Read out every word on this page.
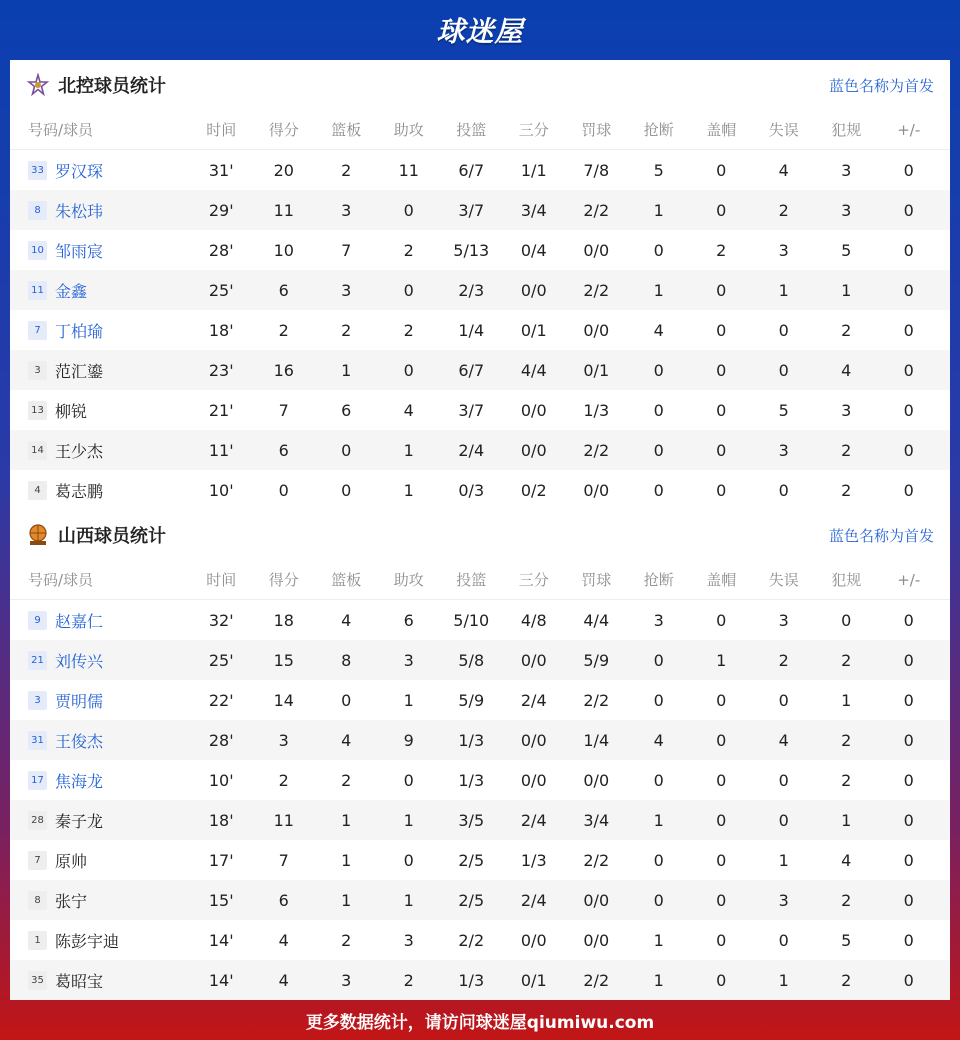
球迷屋
北控球员统计	蓝色名称为首发
号码/球员	时间	得分	篮板	助攻	投篮	三分	罚球	抢断	盖帽	失误	犯规	+/-
33 罗汉琛	31'	20	2	11	6/7	1/1	7/8	5	0	4	3	0
8 朱松玮	29'	11	3	0	3/7	3/4	2/2	1	0	2	3	0
10 邹雨宸	28'	10	7	2	5/13	0/4	0/0	0	2	3	5	0
11 金鑫	25'	6	3	0	2/3	0/0	2/2	1	0	1	1	0
7 丁柏瑜	18'	2	2	2	1/4	0/1	0/0	4	0	0	2	0
3 范汇鎏	23'	16	1	0	6/7	4/4	0/1	0	0	0	4	0
13 柳锐	21'	7	6	4	3/7	0/0	1/3	0	0	5	3	0
14 王少杰	11'	6	0	1	2/4	0/0	2/2	0	0	3	2	0
4 葛志鹏	10'	0	0	1	0/3	0/2	0/0	0	0	0	2	0
山西球员统计	蓝色名称为首发
号码/球员	时间	得分	篮板	助攻	投篮	三分	罚球	抢断	盖帽	失误	犯规	+/-
9 赵嘉仁	32'	18	4	6	5/10	4/8	4/4	3	0	3	0	0
21 刘传兴	25'	15	8	3	5/8	0/0	5/9	0	1	2	2	0
3 贾明儒	22'	14	0	1	5/9	2/4	2/2	0	0	0	1	0
31 王俊杰	28'	3	4	9	1/3	0/0	1/4	4	0	4	2	0
17 焦海龙	10'	2	2	0	1/3	0/0	0/0	0	0	0	2	0
28 秦子龙	18'	11	1	1	3/5	2/4	3/4	1	0	0	1	0
7 原帅	17'	7	1	0	2/5	1/3	2/2	0	0	1	4	0
8 张宁	15'	6	1	1	2/5	2/4	0/0	0	0	3	2	0
1 陈彭宇迪	14'	4	2	3	2/2	0/0	0/0	1	0	0	5	0
35 葛昭宝	14'	4	3	2	1/3	0/1	2/2	1	0	1	2	0
更多数据统计，请访问球迷屋qiumiwu.com
